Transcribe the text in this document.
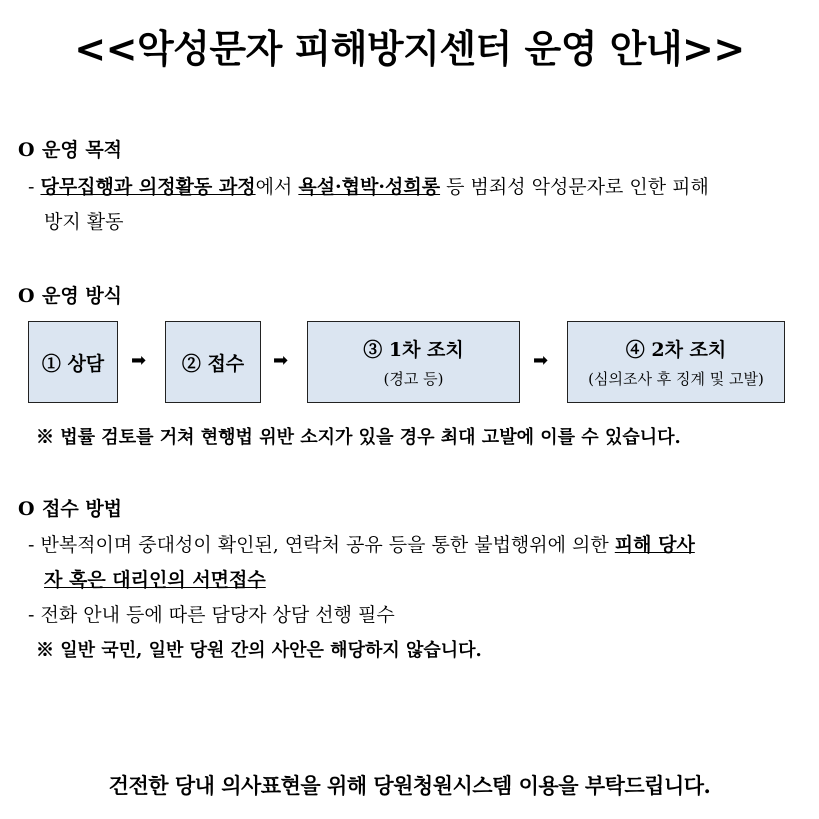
<<악성문자 피해방지센터 운영 안내>>
O 운영 목적
- 당무집행과 의정활동 과정에서 욕설·협박·성희롱 등 범죄성 악성문자로 인한 피해
방지 활동
O 운영 방식
① 상담 ➡ ② 접수 ➡	③ 1차 조치
(경고 등)
➡	④ 2차 조치
(심의조사 후 징계 및 고발)
※ 법률 검토를 거쳐 현행법 위반 소지가 있을 경우 최대 고발에 이를 수 있습니다.
O 접수 방법
- 반복적이며 중대성이 확인된, 연락처 공유 등을 통한 불법행위에 의한 피해 당사
자 혹은 대리인의 서면접수
- 전화 안내 등에 따른 담당자 상담 선행 필수
※ 일반 국민, 일반 당원 간의 사안은 해당하지 않습니다.
건전한 당내 의사표현을 위해 당원청원시스템 이용을 부탁드립니다.
